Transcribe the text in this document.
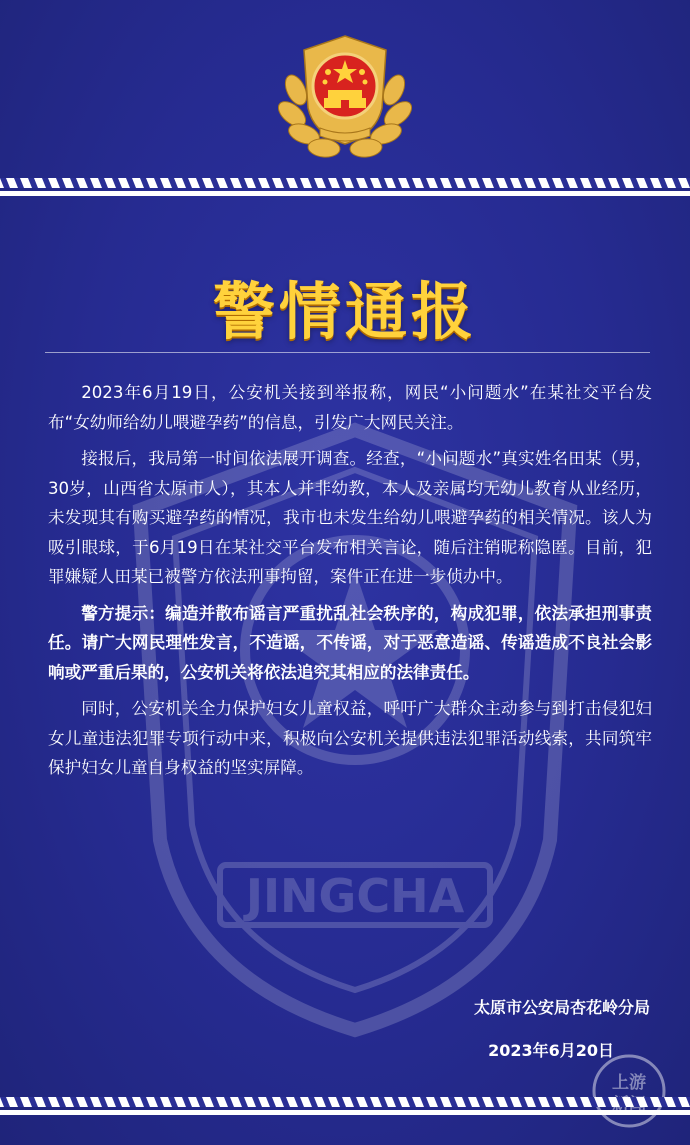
JINGCHA
警情通报

2023年6月19日，公安机关接到举报称，网民“小问题水”在某社交平台发布“女幼师给幼儿喂避孕药”的信息，引发广大网民关注。

接报后，我局第一时间依法展开调查。经查，“小问题水”真实姓名田某（男，30岁，山西省太原市人），其本人并非幼教，本人及亲属均无幼儿教育从业经历，未发现其有购买避孕药的情况，我市也未发生给幼儿喂避孕药的相关情况。该人为吸引眼球，于6月19日在某社交平台发布相关言论，随后注销昵称隐匿。目前，犯罪嫌疑人田某已被警方依法刑事拘留，案件正在进一步侦办中。

警方提示：编造并散布谣言严重扰乱社会秩序的，构成犯罪，依法承担刑事责任。请广大网民理性发言，不造谣，不传谣，对于恶意造谣、传谣造成不良社会影响或严重后果的，公安机关将依法追究其相应的法律责任。

同时，公安机关全力保护妇女儿童权益，呼吁广大群众主动参与到打击侵犯妇女儿童违法犯罪专项行动中来，积极向公安机关提供违法犯罪活动线索，共同筑牢保护妇女儿童自身权益的坚实屏障。

太原市公安局杏花岭分局
2023年6月20日
上游
